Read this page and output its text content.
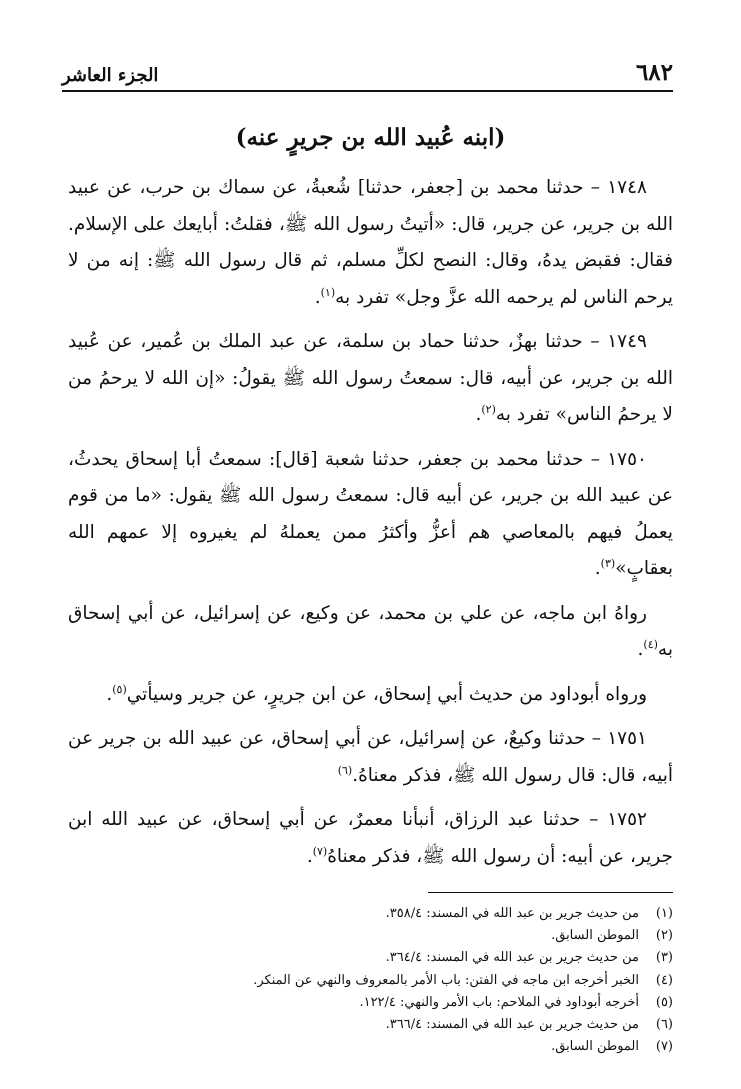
٦٨٢
الجزء العاشر
(ابنه عُبيد الله بن جريرٍ عنه)

١٧٤٨ – حدثنا محمد بن [جعفر، حدثنا] شُعبةُ، عن سماك بن حرب، عن عبيد الله بن جرير، عن جرير، قال: «أتيتُ رسول الله ﷺ، فقلتُ: أبايعك على الإسلام. فقال: فقبض يدهُ، وقال: النصح لكلِّ مسلم، ثم قال رسول الله ﷺ: إنه من لا يرحم الناس لم يرحمه الله عزَّ وجل» تفرد به$^{(١)}$.

١٧٤٩ – حدثنا بهزٌ، حدثنا حماد بن سلمة، عن عبد الملك بن عُمير، عن عُبيد الله بن جرير، عن أبيه، قال: سمعتُ رسول الله ﷺ يقولُ: «إن الله لا يرحمُ من لا يرحمُ الناس» تفرد به$^{(٢)}$.

١٧٥٠ – حدثنا محمد بن جعفر، حدثنا شعبة [قال]: سمعتُ أبا إسحاق يحدثُ، عن عبيد الله بن جرير، عن أبيه قال: سمعتُ رسول الله ﷺ يقول: «ما من قوم يعملُ فيهم بالمعاصي هم أعزُّ وأكثرُ ممن يعملهُ لم يغيروه إلا عمهم الله بعقابٍ»$^{(٣)}$.

رواهُ ابن ماجه، عن علي بن محمد، عن وكيع، عن إسرائيل، عن أبي إسحاق به$^{(٤)}$.

ورواه أبوداود من حديث أبي إسحاق، عن ابن جريرٍ، عن جرير وسيأتي$^{(٥)}$.

١٧٥١ – حدثنا وكيعٌ، عن إسرائيل، عن أبي إسحاق، عن عبيد الله بن جرير عن أبيه، قال: قال رسول الله ﷺ، فذكر معناهُ.$^{(٦)}$

١٧٥٢ – حدثنا عبد الرزاق، أنبأنا معمرٌ، عن أبي إسحاق، عن عبيد الله ابن جرير، عن أبيه: أن رسول الله ﷺ، فذكر معناهُ$^{(٧)}$.

(١)من حديث جرير بن عبد الله في المسند: ٣٥٨/٤.
(٢)الموطن السابق.
(٣)من حديث جرير بن عبد الله في المسند: ٣٦٤/٤.
(٤)الخبر أخرجه ابن ماجه في الفتن: باب الأمر بالمعروف والنهي عن المنكر.
(٥)أخرجه أبوداود في الملاحم: باب الأمر والنهي: ١٢٢/٤.
(٦)من حديث جرير بن عبد الله في المسند: ٣٦٦/٤.
(٧)الموطن السابق.
